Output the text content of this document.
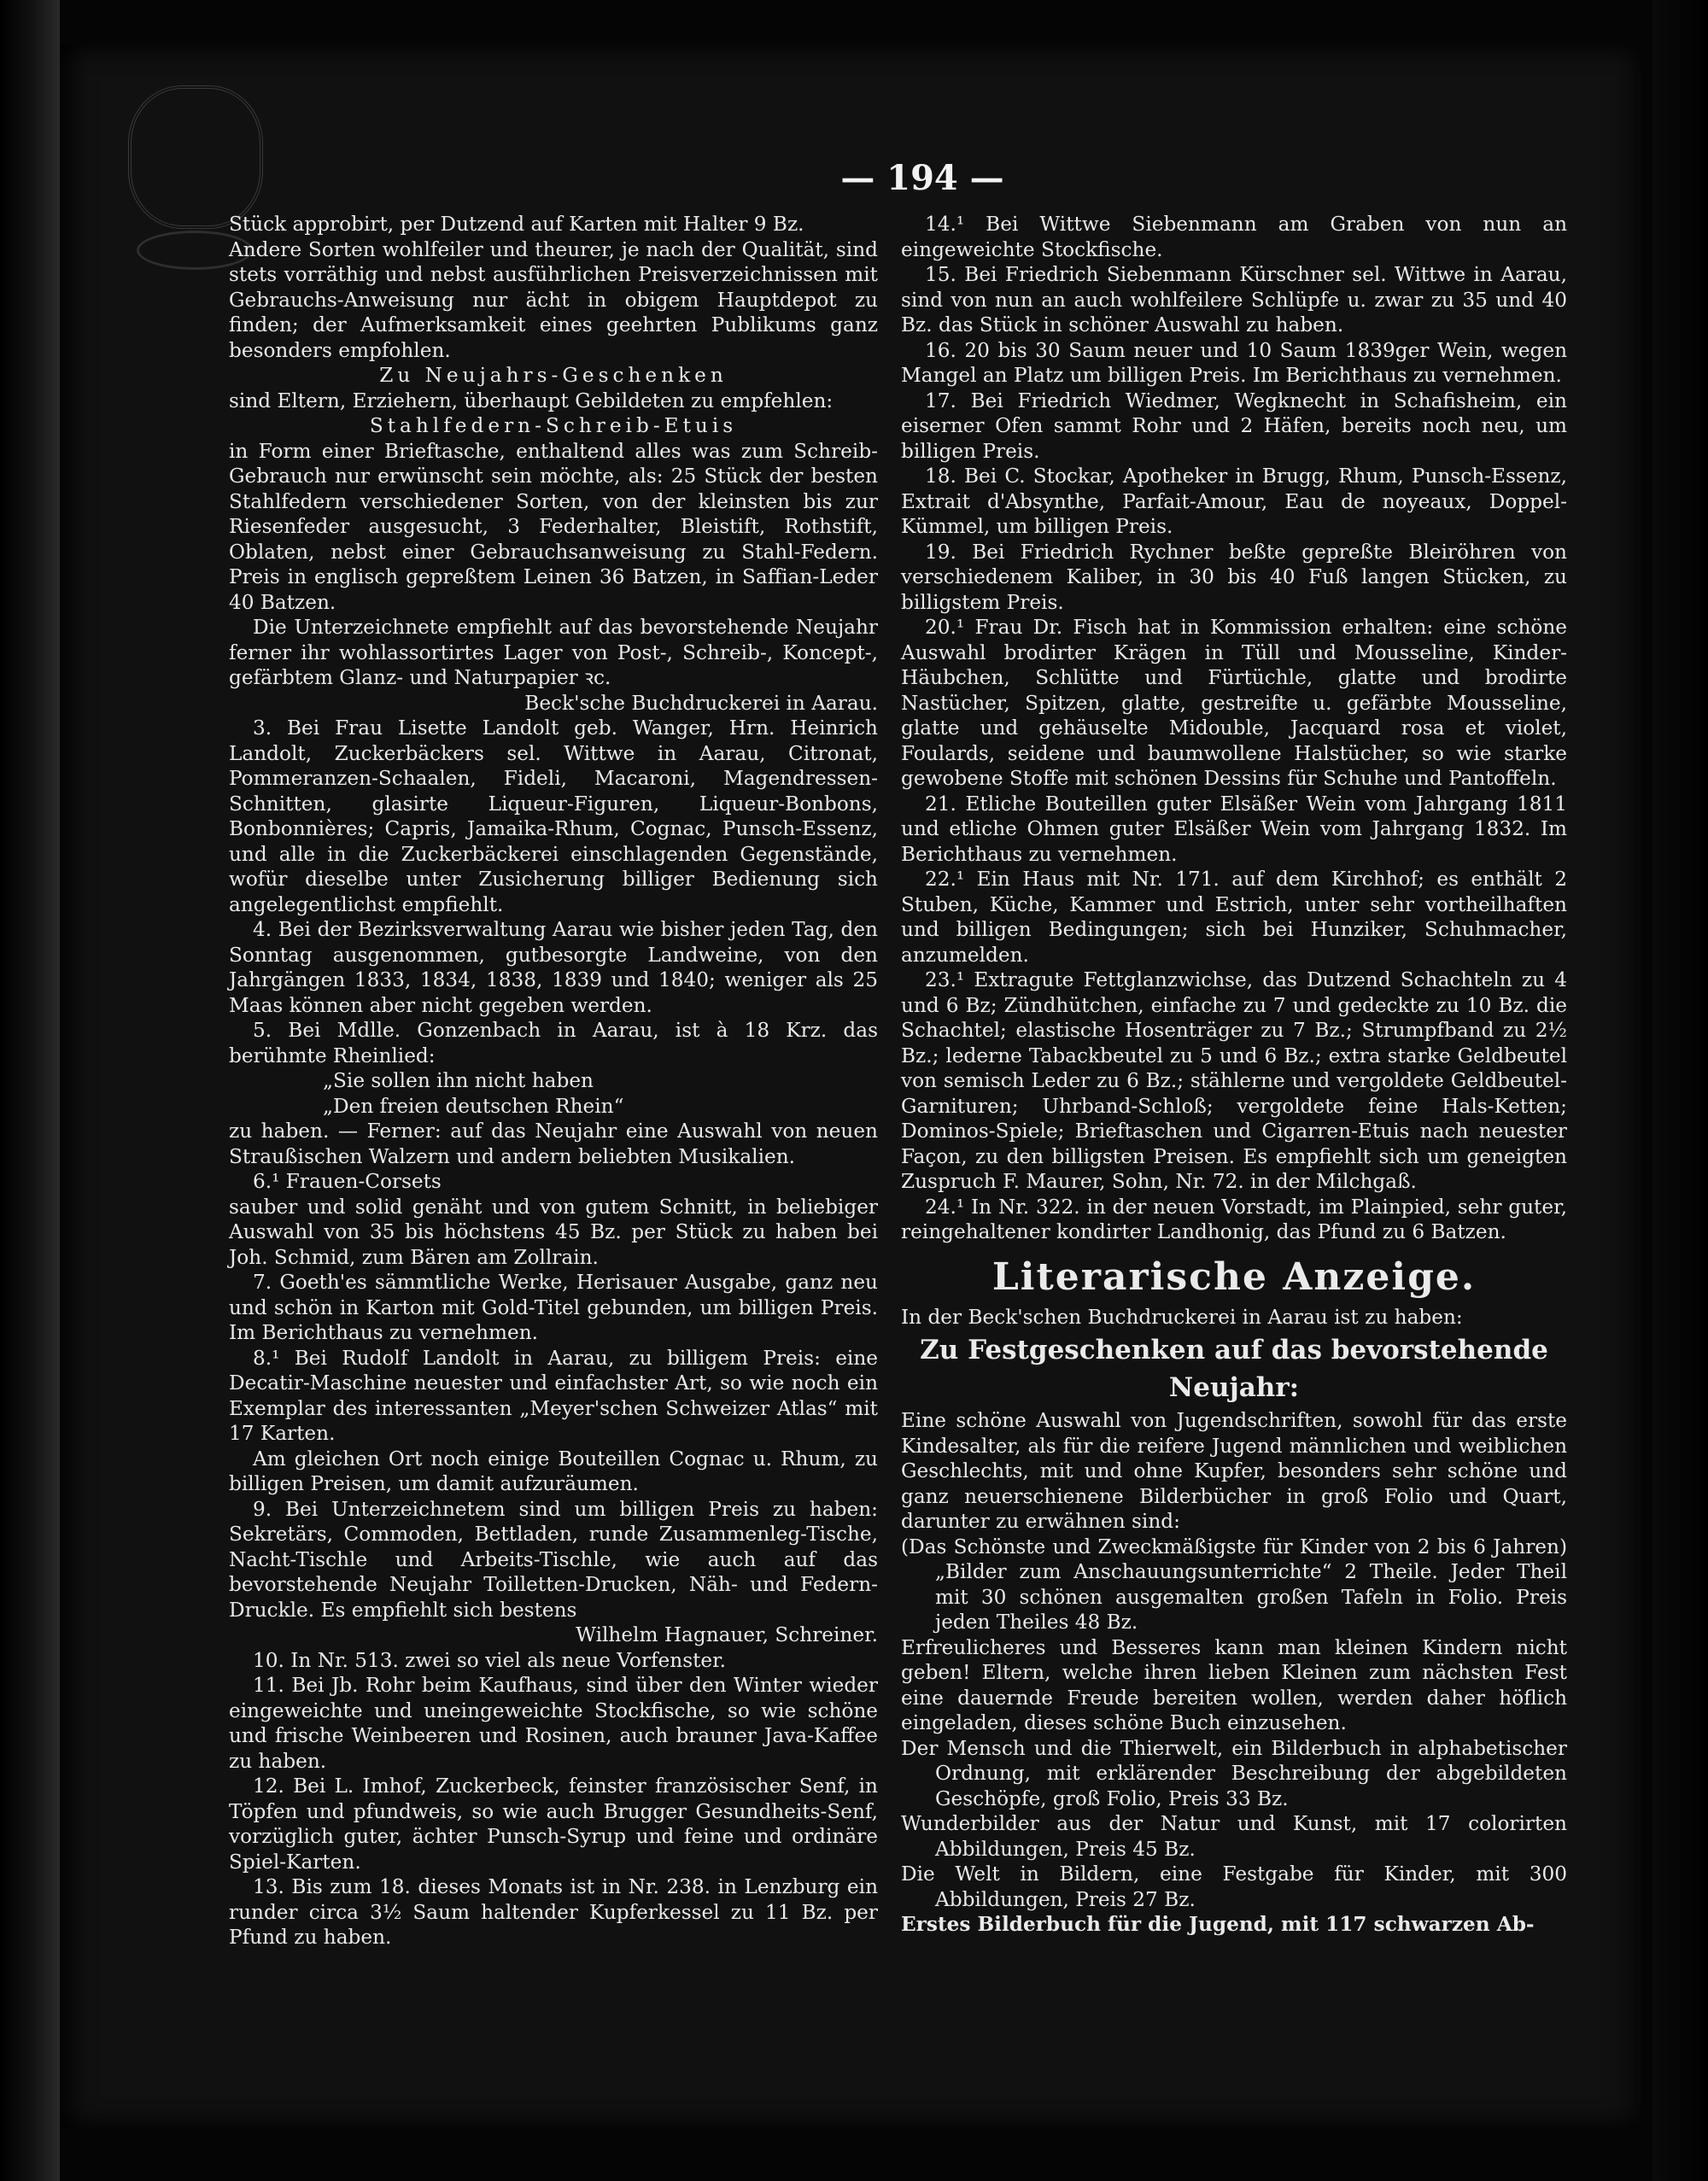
— 194 —

Stück approbirt, per Dutzend auf Karten mit Halter 9 Bz.

Andere Sorten wohlfeiler und theurer, je nach der Qualität, sind stets vorräthig und nebst ausführlichen Preisverzeichnissen mit Gebrauchs-Anweisung nur ächt in obigem Hauptdepot zu finden; der Aufmerksamkeit eines geehrten Publikums ganz besonders empfohlen.

Zu Neujahrs-Geschenken

sind Eltern, Erziehern, überhaupt Gebildeten zu empfehlen:

Stahlfedern-Schreib-Etuis

in Form einer Brieftasche, enthaltend alles was zum Schreib-Gebrauch nur erwünscht sein möchte, als: 25 Stück der besten Stahlfedern verschiedener Sorten, von der kleinsten bis zur Riesenfeder ausgesucht, 3 Federhalter, Bleistift, Rothstift, Oblaten, nebst einer Gebrauchsanweisung zu Stahl-Federn. Preis in englisch gepreßtem Leinen 36 Batzen, in Saffian-Leder 40 Batzen.

Die Unterzeichnete empfiehlt auf das bevorstehende Neujahr ferner ihr wohlassortirtes Lager von Post-, Schreib-, Koncept-, gefärbtem Glanz- und Naturpapier ꝛc.

Beck'sche Buchdruckerei in Aarau.

3. Bei Frau Lisette Landolt geb. Wanger, Hrn. Heinrich Landolt, Zuckerbäckers sel. Wittwe in Aarau, Citronat, Pommeranzen-Schaalen, Fideli, Macaroni, Magendressen-Schnitten, glasirte Liqueur-Figuren, Liqueur-Bonbons, Bonbonnières; Capris, Jamaika-Rhum, Cognac, Punsch-Essenz, und alle in die Zuckerbäckerei einschlagenden Gegenstände, wofür dieselbe unter Zusicherung billiger Bedienung sich angelegentlichst empfiehlt.

4. Bei der Bezirksverwaltung Aarau wie bisher jeden Tag, den Sonntag ausgenommen, gutbesorgte Landweine, von den Jahrgängen 1833, 1834, 1838, 1839 und 1840; weniger als 25 Maas können aber nicht gegeben werden.

5. Bei Mdlle. Gonzenbach in Aarau, ist à 18 Krz. das berühmte Rheinlied:

„Sie sollen ihn nicht haben

„Den freien deutschen Rhein“

zu haben. — Ferner: auf das Neujahr eine Auswahl von neuen Straußischen Walzern und andern beliebten Musikalien.

6.¹ Frauen-Corsets

sauber und solid genäht und von gutem Schnitt, in beliebiger Auswahl von 35 bis höchstens 45 Bz. per Stück zu haben bei Joh. Schmid, zum Bären am Zollrain.

7. Goeth'es sämmtliche Werke, Herisauer Ausgabe, ganz neu und schön in Karton mit Gold-Titel gebunden, um billigen Preis. Im Berichthaus zu vernehmen.

8.¹ Bei Rudolf Landolt in Aarau, zu billigem Preis: eine Decatir-Maschine neuester und einfachster Art, so wie noch ein Exemplar des interessanten „Meyer'schen Schweizer Atlas“ mit 17 Karten.

Am gleichen Ort noch einige Bouteillen Cognac u. Rhum, zu billigen Preisen, um damit aufzuräumen.

9. Bei Unterzeichnetem sind um billigen Preis zu haben: Sekretärs, Commoden, Bettladen, runde Zusammenleg-Tische, Nacht-Tischle und Arbeits-Tischle, wie auch auf das bevorstehende Neujahr Toilletten-Drucken, Näh- und Federn-Druckle. Es empfiehlt sich bestens

Wilhelm Hagnauer, Schreiner.

10. In Nr. 513. zwei so viel als neue Vorfenster.

11. Bei Jb. Rohr beim Kaufhaus, sind über den Winter wieder eingeweichte und uneingeweichte Stockfische, so wie schöne und frische Weinbeeren und Rosinen, auch brauner Java-Kaffee zu haben.

12. Bei L. Imhof, Zuckerbeck, feinster französischer Senf, in Töpfen und pfundweis, so wie auch Brugger Gesundheits-Senf, vorzüglich guter, ächter Punsch-Syrup und feine und ordinäre Spiel-Karten.

13. Bis zum 18. dieses Monats ist in Nr. 238. in Lenzburg ein runder circa 3½ Saum haltender Kupferkessel zu 11 Bz. per Pfund zu haben.

14.¹ Bei Wittwe Siebenmann am Graben von nun an eingeweichte Stockfische.

15. Bei Friedrich Siebenmann Kürschner sel. Wittwe in Aarau, sind von nun an auch wohlfeilere Schlüpfe u. zwar zu 35 und 40 Bz. das Stück in schöner Auswahl zu haben.

16. 20 bis 30 Saum neuer und 10 Saum 1839ger Wein, wegen Mangel an Platz um billigen Preis. Im Berichthaus zu vernehmen.

17. Bei Friedrich Wiedmer, Wegknecht in Schafisheim, ein eiserner Ofen sammt Rohr und 2 Häfen, bereits noch neu, um billigen Preis.

18. Bei C. Stockar, Apotheker in Brugg, Rhum, Punsch-Essenz, Extrait d'Absynthe, Parfait-Amour, Eau de noyeaux, Doppel-Kümmel, um billigen Preis.

19. Bei Friedrich Rychner beßte gepreßte Bleiröhren von verschiedenem Kaliber, in 30 bis 40 Fuß langen Stücken, zu billigstem Preis.

20.¹ Frau Dr. Fisch hat in Kommission erhalten: eine schöne Auswahl brodirter Krägen in Tüll und Mousseline, Kinder-Häubchen, Schlütte und Fürtüchle, glatte und brodirte Nastücher, Spitzen, glatte, gestreifte u. gefärbte Mousseline, glatte und gehäuselte Midouble, Jacquard rosa et violet, Foulards, seidene und baumwollene Halstücher, so wie starke gewobene Stoffe mit schönen Dessins für Schuhe und Pantoffeln.

21. Etliche Bouteillen guter Elsäßer Wein vom Jahrgang 1811 und etliche Ohmen guter Elsäßer Wein vom Jahrgang 1832. Im Berichthaus zu vernehmen.

22.¹ Ein Haus mit Nr. 171. auf dem Kirchhof; es enthält 2 Stuben, Küche, Kammer und Estrich, unter sehr vortheilhaften und billigen Bedingungen; sich bei Hunziker, Schuhmacher, anzumelden.

23.¹ Extragute Fettglanzwichse, das Dutzend Schachteln zu 4 und 6 Bz; Zündhütchen, einfache zu 7 und gedeckte zu 10 Bz. die Schachtel; elastische Hosenträger zu 7 Bz.; Strumpfband zu 2½ Bz.; lederne Tabackbeutel zu 5 und 6 Bz.; extra starke Geldbeutel von semisch Leder zu 6 Bz.; stählerne und vergoldete Geldbeutel-Garnituren; Uhrband-Schloß; vergoldete feine Hals-Ketten; Dominos-Spiele; Brieftaschen und Cigarren-Etuis nach neuester Façon, zu den billigsten Preisen. Es empfiehlt sich um geneigten Zuspruch F. Maurer, Sohn, Nr. 72. in der Milchgaß.

24.¹ In Nr. 322. in der neuen Vorstadt, im Plainpied, sehr guter, reingehaltener kondirter Landhonig, das Pfund zu 6 Batzen.

Literarische Anzeige.

In der Beck'schen Buchdruckerei in Aarau ist zu haben:

Zu Festgeschenken auf das bevorstehende Neujahr:

Eine schöne Auswahl von Jugendschriften, sowohl für das erste Kindesalter, als für die reifere Jugend männlichen und weiblichen Geschlechts, mit und ohne Kupfer, besonders sehr schöne und ganz neuerschienene Bilderbücher in groß Folio und Quart, darunter zu erwähnen sind:

(Das Schönste und Zweckmäßigste für Kinder von 2 bis 6 Jahren) „Bilder zum Anschauungsunterrichte“ 2 Theile. Jeder Theil mit 30 schönen ausgemalten großen Tafeln in Folio. Preis jeden Theiles 48 Bz.

Erfreulicheres und Besseres kann man kleinen Kindern nicht geben! Eltern, welche ihren lieben Kleinen zum nächsten Fest eine dauernde Freude bereiten wollen, werden daher höflich eingeladen, dieses schöne Buch einzusehen.

Der Mensch und die Thierwelt, ein Bilderbuch in alphabetischer Ordnung, mit erklärender Beschreibung der abgebildeten Geschöpfe, groß Folio, Preis 33 Bz.

Wunderbilder aus der Natur und Kunst, mit 17 colorirten Abbildungen, Preis 45 Bz.

Die Welt in Bildern, eine Festgabe für Kinder, mit 300 Abbildungen, Preis 27 Bz.

Erstes Bilderbuch für die Jugend, mit 117 schwarzen Ab-
